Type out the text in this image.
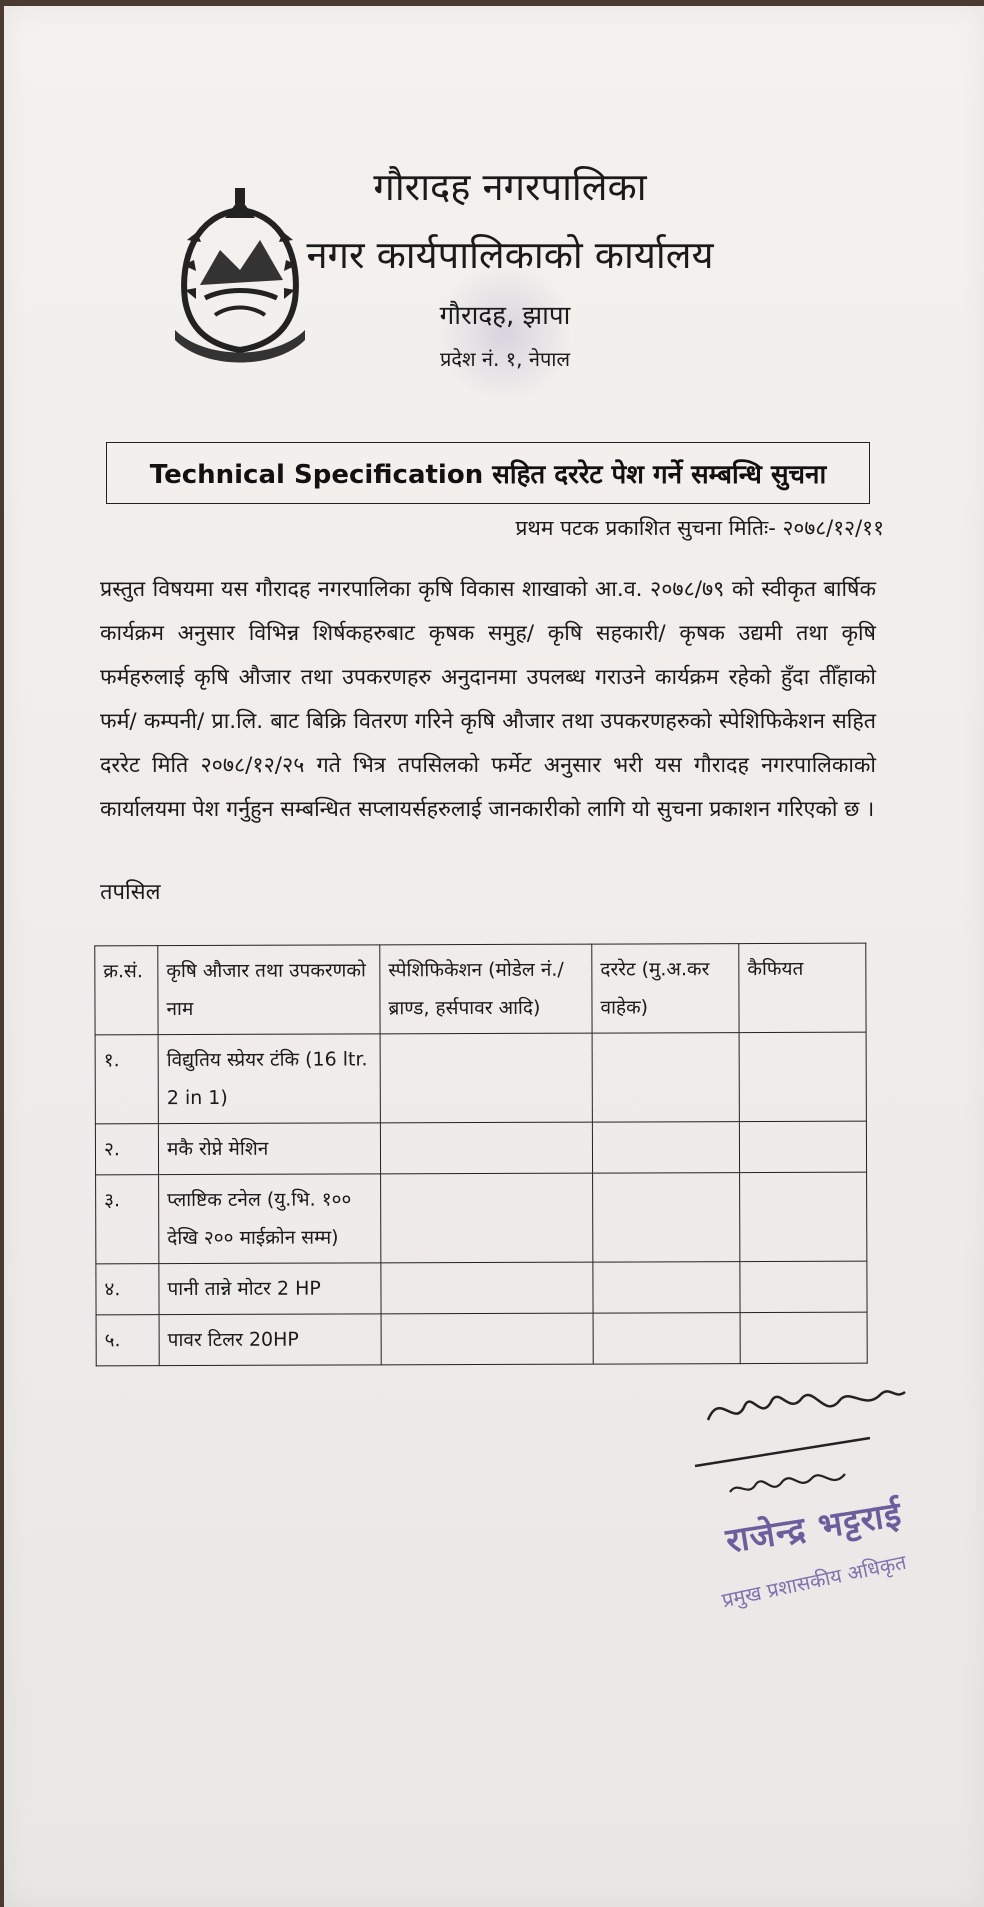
गौरादह नगरपालिका
नगर कार्यपालिकाको कार्यालय
गौरादह, झापा
प्रदेश नं. १, नेपाल
Technical Specification सहित दररेट पेश गर्ने सम्बन्धि सुचना
प्रथम पटक प्रकाशित सुचना मितिः- २०७८/१२/११
प्रस्तुत विषयमा यस गौरादह नगरपालिका कृषि विकास शाखाको आ.व. २०७८/७९ को स्वीकृत बार्षिक कार्यक्रम अनुसार विभिन्न शिर्षकहरुबाट कृषक समुह/ कृषि सहकारी/ कृषक उद्यमी तथा कृषि फर्महरुलाई कृषि औजार तथा उपकरणहरु अनुदानमा उपलब्ध गराउने कार्यक्रम रहेको हुँदा तीँहाको फर्म/ कम्पनी/ प्रा.लि. बाट बिक्रि वितरण गरिने कृषि औजार तथा उपकरणहरुको स्पेशिफिकेशन सहित दररेट मिति २०७८/१२/२५ गते भित्र तपसिलको फर्मेट अनुसार भरी यस गौरादह नगरपालिकाको कार्यालयमा पेश गर्नुहुन सम्बन्धित सप्लायर्सहरुलाई जानकारीको लागि यो सुचना प्रकाशन गरिएको छ ।
तपसिल
क्र.सं.	कृषि औजार तथा उपकरणको नाम	स्पेशिफिकेशन (मोडेल नं./ ब्राण्ड, हर्सपावर आदि)	दररेट (मु.अ.कर वाहेक)	कैफियत
१.	विद्युतिय स्प्रेयर टंकि (16 ltr. 2 in 1)			
२.	मकै रोप्ने मेशिन			
३.	प्लाष्टिक टनेल (यु.भि. १०० देखि २०० माईक्रोन सम्म)			
४.	पानी तान्ने मोटर 2 HP			
५.	पावर टिलर 20HP			
राजेन्द्र भट्टराई
प्रमुख प्रशासकीय अधिकृत
